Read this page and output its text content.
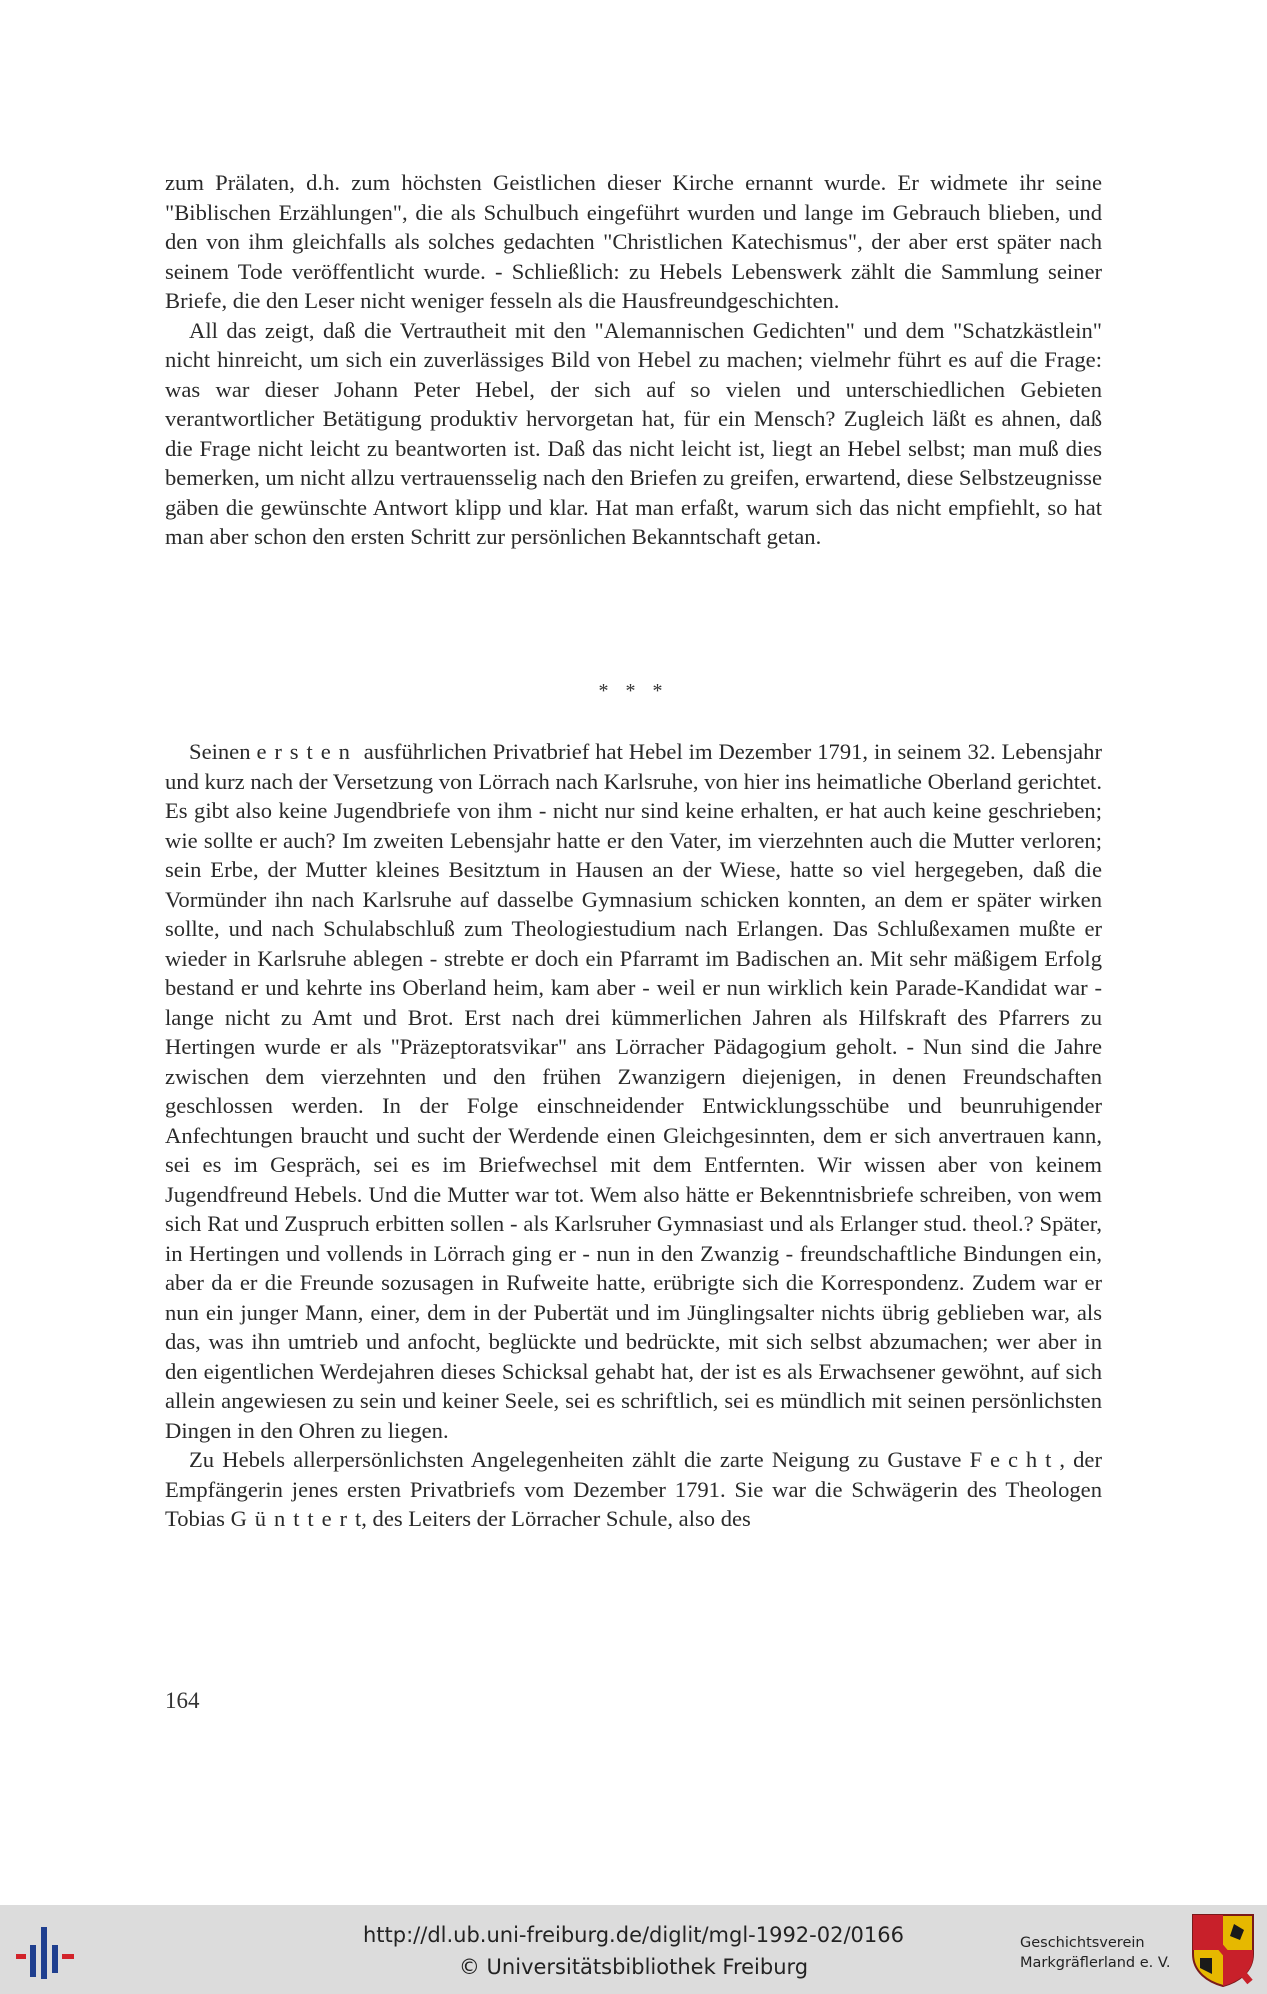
zum Prälaten, d.h. zum höchsten Geistlichen dieser Kirche ernannt wurde. Er widmete ihr seine "Biblischen Erzählungen", die als Schulbuch eingeführt wurden und lange im Gebrauch blieben, und den von ihm gleichfalls als solches gedachten "Christlichen Katechismus", der aber erst später nach seinem Tode veröffentlicht wurde. - Schließlich: zu Hebels Lebenswerk zählt die Sammlung seiner Briefe, die den Leser nicht weniger fesseln als die Hausfreundgeschichten.

All das zeigt, daß die Vertrautheit mit den "Alemannischen Gedichten" und dem "Schatzkästlein" nicht hinreicht, um sich ein zuverlässiges Bild von Hebel zu machen; vielmehr führt es auf die Frage: was war dieser Johann Peter Hebel, der sich auf so vielen und unterschiedlichen Gebieten verantwortlicher Betätigung produktiv hervorgetan hat, für ein Mensch? Zugleich läßt es ahnen, daß die Frage nicht leicht zu beantworten ist. Daß das nicht leicht ist, liegt an Hebel selbst; man muß dies bemerken, um nicht allzu vertrauensselig nach den Briefen zu greifen, erwartend, diese Selbstzeugnisse gäben die gewünschte Antwort klipp und klar. Hat man erfaßt, warum sich das nicht empfiehlt, so hat man aber schon den ersten Schritt zur persönlichen Bekanntschaft getan.

* * *

Seinen ersten ausführlichen Privatbrief hat Hebel im Dezember 1791, in seinem 32. Lebensjahr und kurz nach der Versetzung von Lörrach nach Karlsruhe, von hier ins heimatliche Oberland gerichtet. Es gibt also keine Jugendbriefe von ihm - nicht nur sind keine erhalten, er hat auch keine geschrieben; wie sollte er auch? Im zweiten Lebensjahr hatte er den Vater, im vierzehnten auch die Mutter verloren; sein Erbe, der Mutter kleines Besitztum in Hausen an der Wiese, hatte so viel hergegeben, daß die Vormünder ihn nach Karlsruhe auf dasselbe Gymnasium schicken konnten, an dem er später wirken sollte, und nach Schulabschluß zum Theologiestudium nach Erlangen. Das Schlußexamen mußte er wieder in Karlsruhe ablegen - strebte er doch ein Pfarramt im Badischen an. Mit sehr mäßigem Erfolg bestand er und kehrte ins Oberland heim, kam aber - weil er nun wirklich kein Parade-Kandidat war - lange nicht zu Amt und Brot. Erst nach drei kümmerlichen Jahren als Hilfskraft des Pfarrers zu Hertingen wurde er als "Präzeptoratsvikar" ans Lörracher Pädagogium geholt. - Nun sind die Jahre zwischen dem vierzehnten und den frühen Zwanzigern diejenigen, in denen Freundschaften geschlossen werden. In der Folge einschneidender Entwicklungsschübe und beunruhigender Anfechtungen braucht und sucht der Werdende einen Gleichgesinnten, dem er sich anvertrauen kann, sei es im Gespräch, sei es im Briefwechsel mit dem Entfernten. Wir wissen aber von keinem Jugendfreund Hebels. Und die Mutter war tot. Wem also hätte er Bekenntnisbriefe schreiben, von wem sich Rat und Zuspruch erbitten sollen - als Karlsruher Gymnasiast und als Erlanger stud. theol.? Später, in Hertingen und vollends in Lörrach ging er - nun in den Zwanzig - freundschaftliche Bindungen ein, aber da er die Freunde sozusagen in Rufweite hatte, erübrigte sich die Korrespondenz. Zudem war er nun ein junger Mann, einer, dem in der Pubertät und im Jünglingsalter nichts übrig geblieben war, als das, was ihn umtrieb und anfocht, beglückte und bedrückte, mit sich selbst abzumachen; wer aber in den eigentlichen Werdejahren dieses Schicksal gehabt hat, der ist es als Erwachsener gewöhnt, auf sich allein angewiesen zu sein und keiner Seele, sei es schriftlich, sei es mündlich mit seinen persönlichsten Dingen in den Ohren zu liegen.

Zu Hebels allerpersönlichsten Angelegenheiten zählt die zarte Neigung zu Gustave Fecht, der Empfängerin jenes ersten Privatbriefs vom Dezember 1791. Sie war die Schwägerin des Theologen Tobias Günttert, des Leiters der Lörracher Schule, also des

164
http://dl.ub.uni-freiburg.de/diglit/mgl-1992-02/0166
© Universitätsbibliothek Freiburg
Geschichtsverein
Markgräflerland e. V.
